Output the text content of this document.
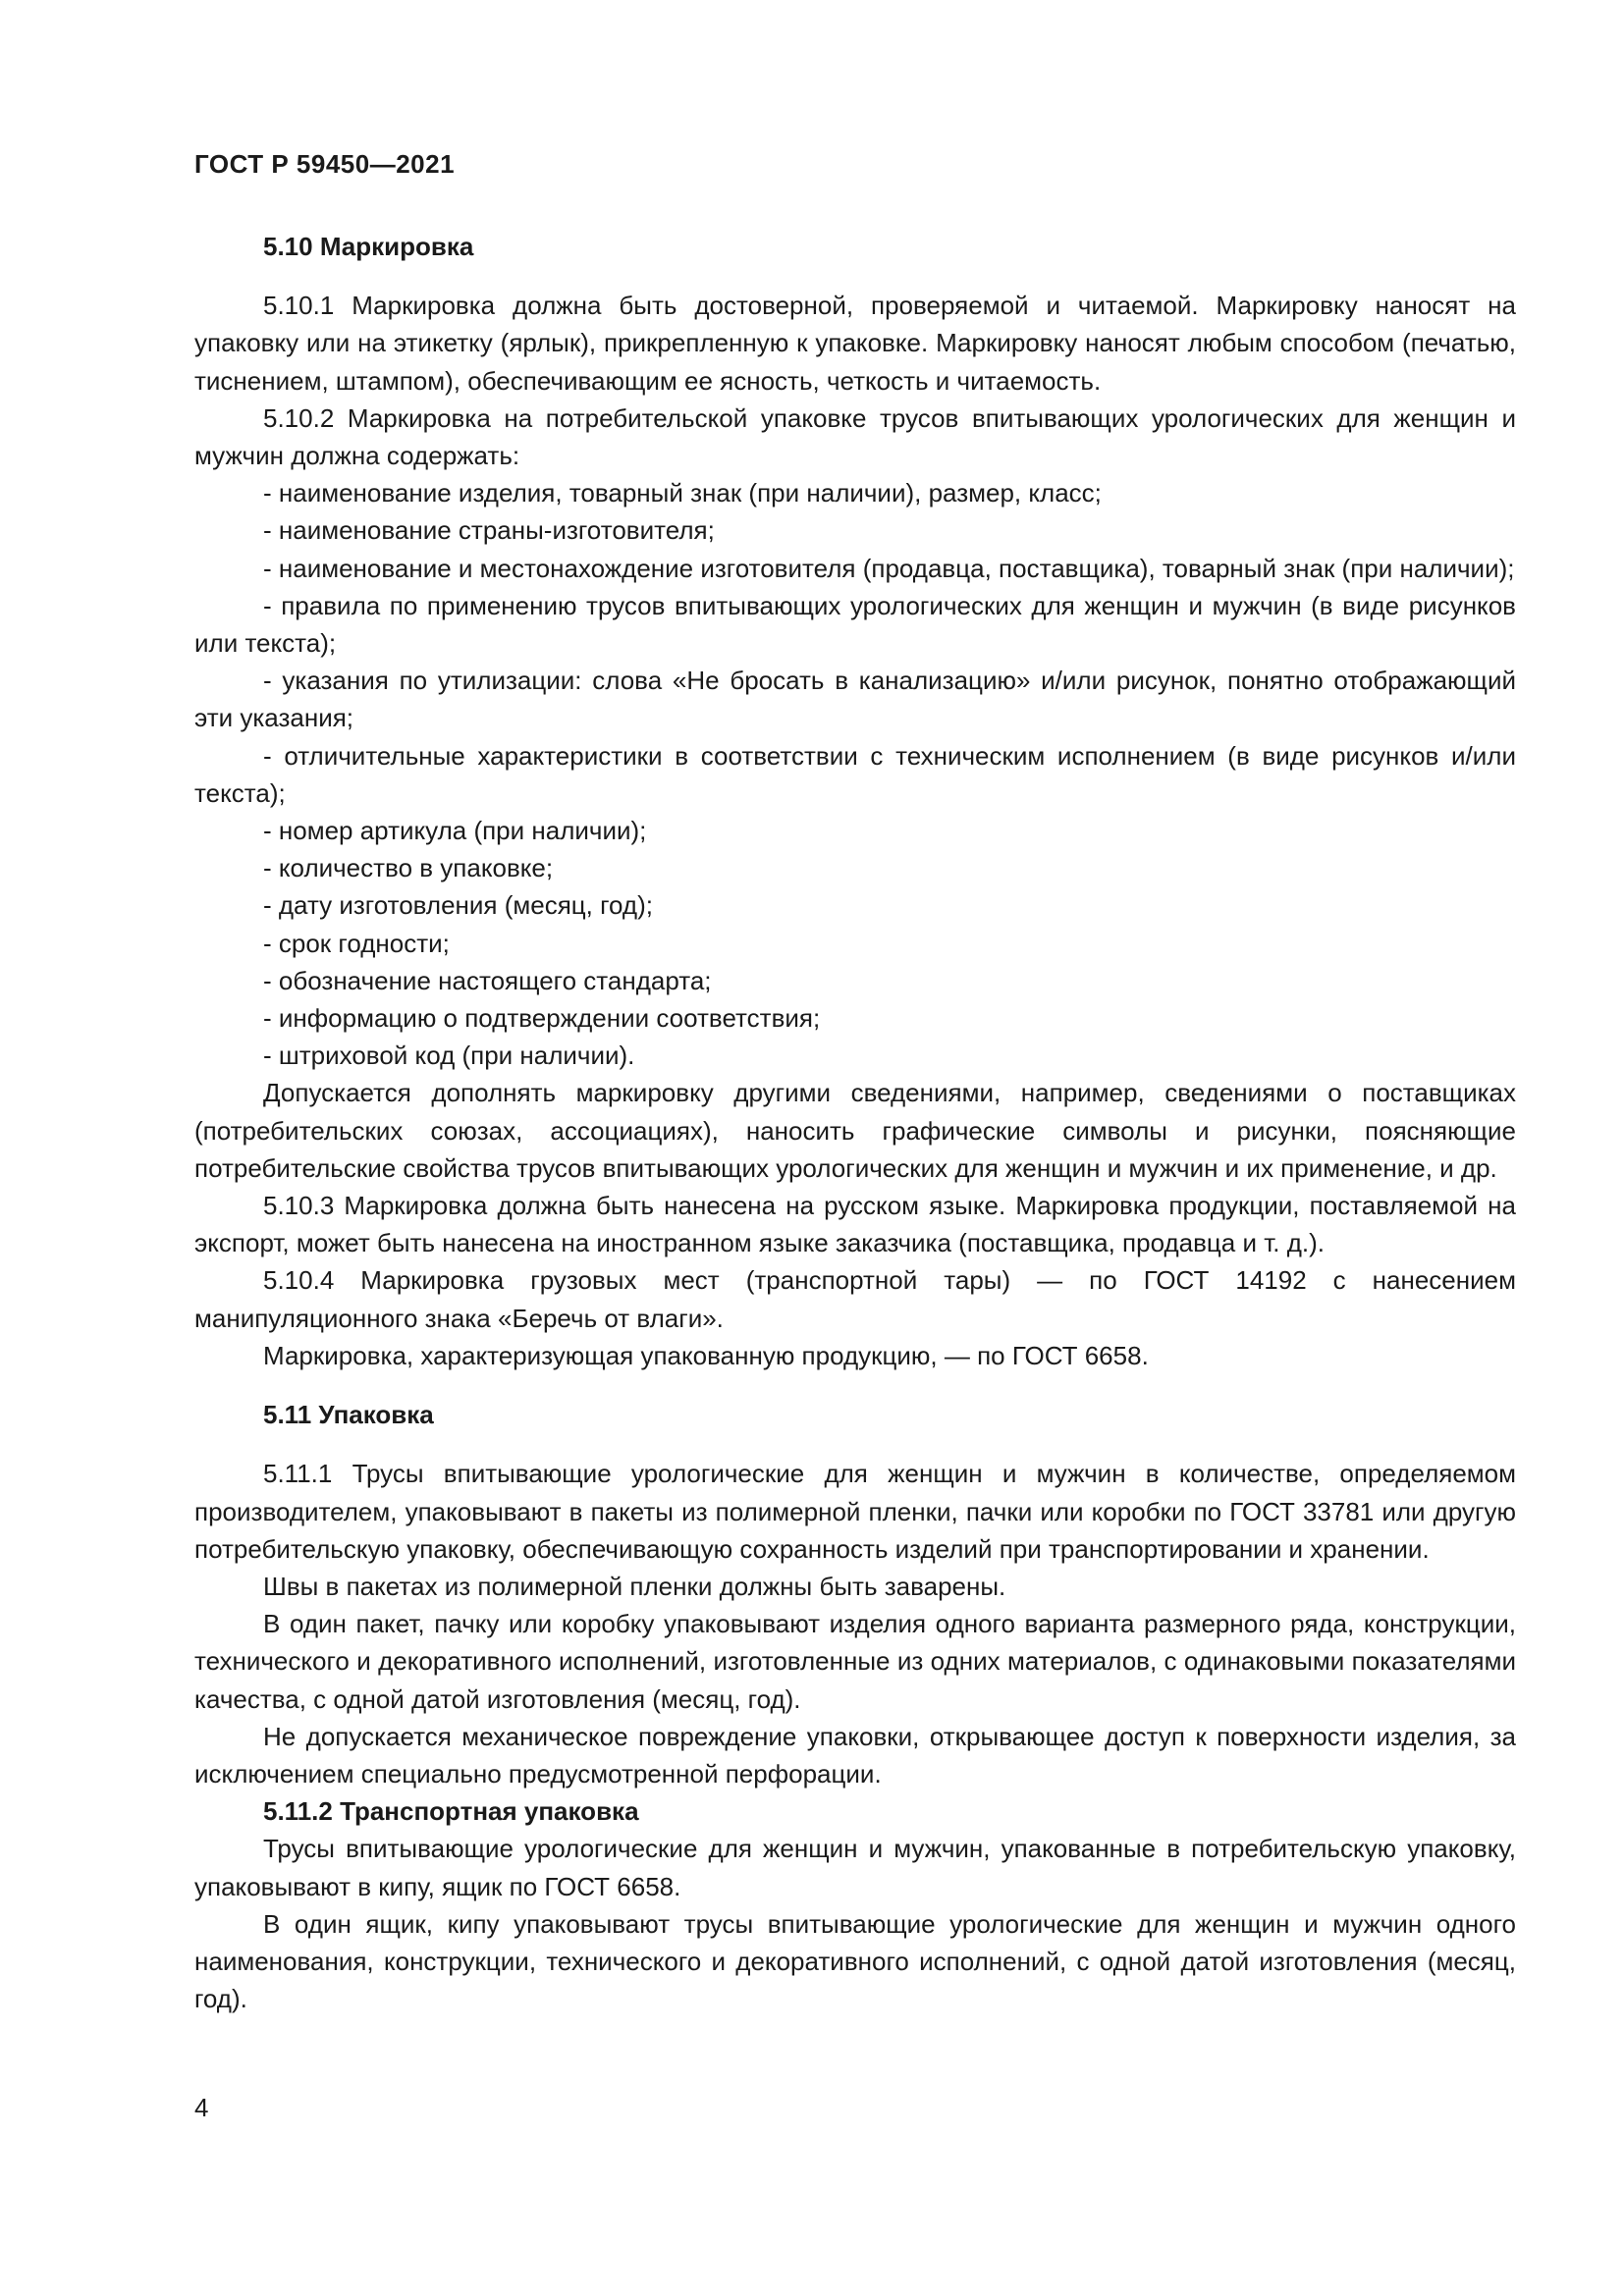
ГОСТ Р 59450—2021
5.10 Маркировка

5.10.1 Маркировка должна быть достоверной, проверяемой и читаемой. Маркировку наносят на упаковку или на этикетку (ярлык), прикрепленную к упаковке. Маркировку наносят любым способом (печатью, тиснением, штампом), обеспечивающим ее ясность, четкость и читаемость.

5.10.2 Маркировка на потребительской упаковке трусов впитывающих урологических для женщин и мужчин должна содержать:

- наименование изделия, товарный знак (при наличии), размер, класс;

- наименование страны-изготовителя;

- наименование и местонахождение изготовителя (продавца, поставщика), товарный знак (при наличии);

- правила по применению трусов впитывающих урологических для женщин и мужчин (в виде рисунков или текста);

- указания по утилизации: слова «Не бросать в канализацию» и/или рисунок, понятно отображающий эти указания;

- отличительные характеристики в соответствии с техническим исполнением (в виде рисунков и/или текста);

- номер артикула (при наличии);

- количество в упаковке;

- дату изготовления (месяц, год);

- срок годности;

- обозначение настоящего стандарта;

- информацию о подтверждении соответствия;

- штриховой код (при наличии).

Допускается дополнять маркировку другими сведениями, например, сведениями о поставщиках (потребительских союзах, ассоциациях), наносить графические символы и рисунки, поясняющие потребительские свойства трусов впитывающих урологических для женщин и мужчин и их применение, и др.

5.10.3 Маркировка должна быть нанесена на русском языке. Маркировка продукции, поставляемой на экспорт, может быть нанесена на иностранном языке заказчика (поставщика, продавца и т. д.).

5.10.4 Маркировка грузовых мест (транспортной тары) — по ГОСТ 14192 с нанесением манипуляционного знака «Беречь от влаги».

Маркировка, характеризующая упакованную продукцию, — по ГОСТ 6658.

5.11 Упаковка

5.11.1 Трусы впитывающие урологические для женщин и мужчин в количестве, определяемом производителем, упаковывают в пакеты из полимерной пленки, пачки или коробки по ГОСТ 33781 или другую потребительскую упаковку, обеспечивающую сохранность изделий при транспортировании и хранении.

Швы в пакетах из полимерной пленки должны быть заварены.

В один пакет, пачку или коробку упаковывают изделия одного варианта размерного ряда, конструкции, технического и декоративного исполнений, изготовленные из одних материалов, с одинаковыми показателями качества, с одной датой изготовления (месяц, год).

Не допускается механическое повреждение упаковки, открывающее доступ к поверхности изделия, за исключением специально предусмотренной перфорации.

5.11.2 Транспортная упаковка

Трусы впитывающие урологические для женщин и мужчин, упакованные в потребительскую упаковку, упаковывают в кипу, ящик по ГОСТ 6658.

В один ящик, кипу упаковывают трусы впитывающие урологические для женщин и мужчин одного наименования, конструкции, технического и декоративного исполнений, с одной датой изготовления (месяц, год).

4
